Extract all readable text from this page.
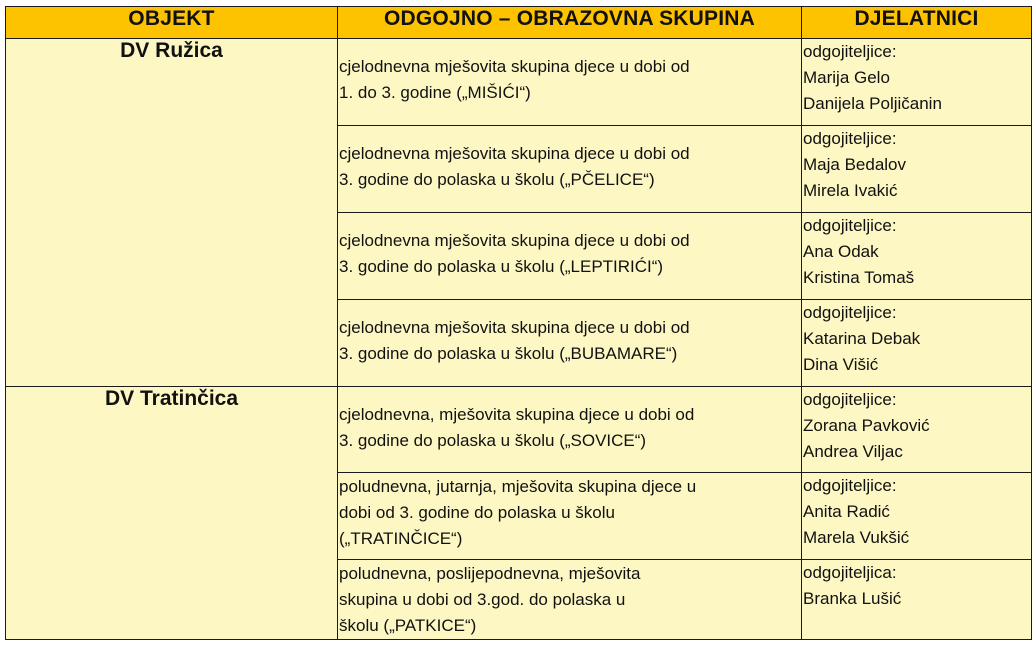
OBJEKT	ODGOJNO – OBRAZOVNA SKUPINA	DJELATNICI
DV Ružica	cjelodnevna mješovita skupina djece u dobi od
1. do 3. godine („MIŠIĆI“)	odgojiteljice:
Marija Gelo
Danijela Poljičanin

	cjelodnevna mješovita skupina djece u dobi od
3. godine do polaska u školu („PČELICE“)	odgojiteljice:
Maja Bedalov
Mirela Ivakić

	cjelodnevna mješovita skupina djece u dobi od
3. godine do polaska u školu („LEPTIRIĆI“)	odgojiteljice:
Ana Odak
Kristina Tomaš

	cjelodnevna mješovita skupina djece u dobi od
3. godine do polaska u školu („BUBAMARE“)	odgojiteljice:
Katarina Debak
Dina Višić

DV Tratinčica	cjelodnevna, mješovita skupina djece u dobi od
3. godine do polaska u školu („SOVICE“)	odgojiteljice:
Zorana Pavković
Andrea Viljac

	poludnevna, jutarnja, mješovita skupina djece u
dobi od 3. godine do polaska u školu
(„TRATINČICE“)	odgojiteljice:
Anita Radić
Marela Vukšić

	poludnevna, poslijepodnevna, mješovita
skupina u dobi od 3.god. do polaska u
školu („PATKICE“)	odgojiteljica:
Branka Lušić
